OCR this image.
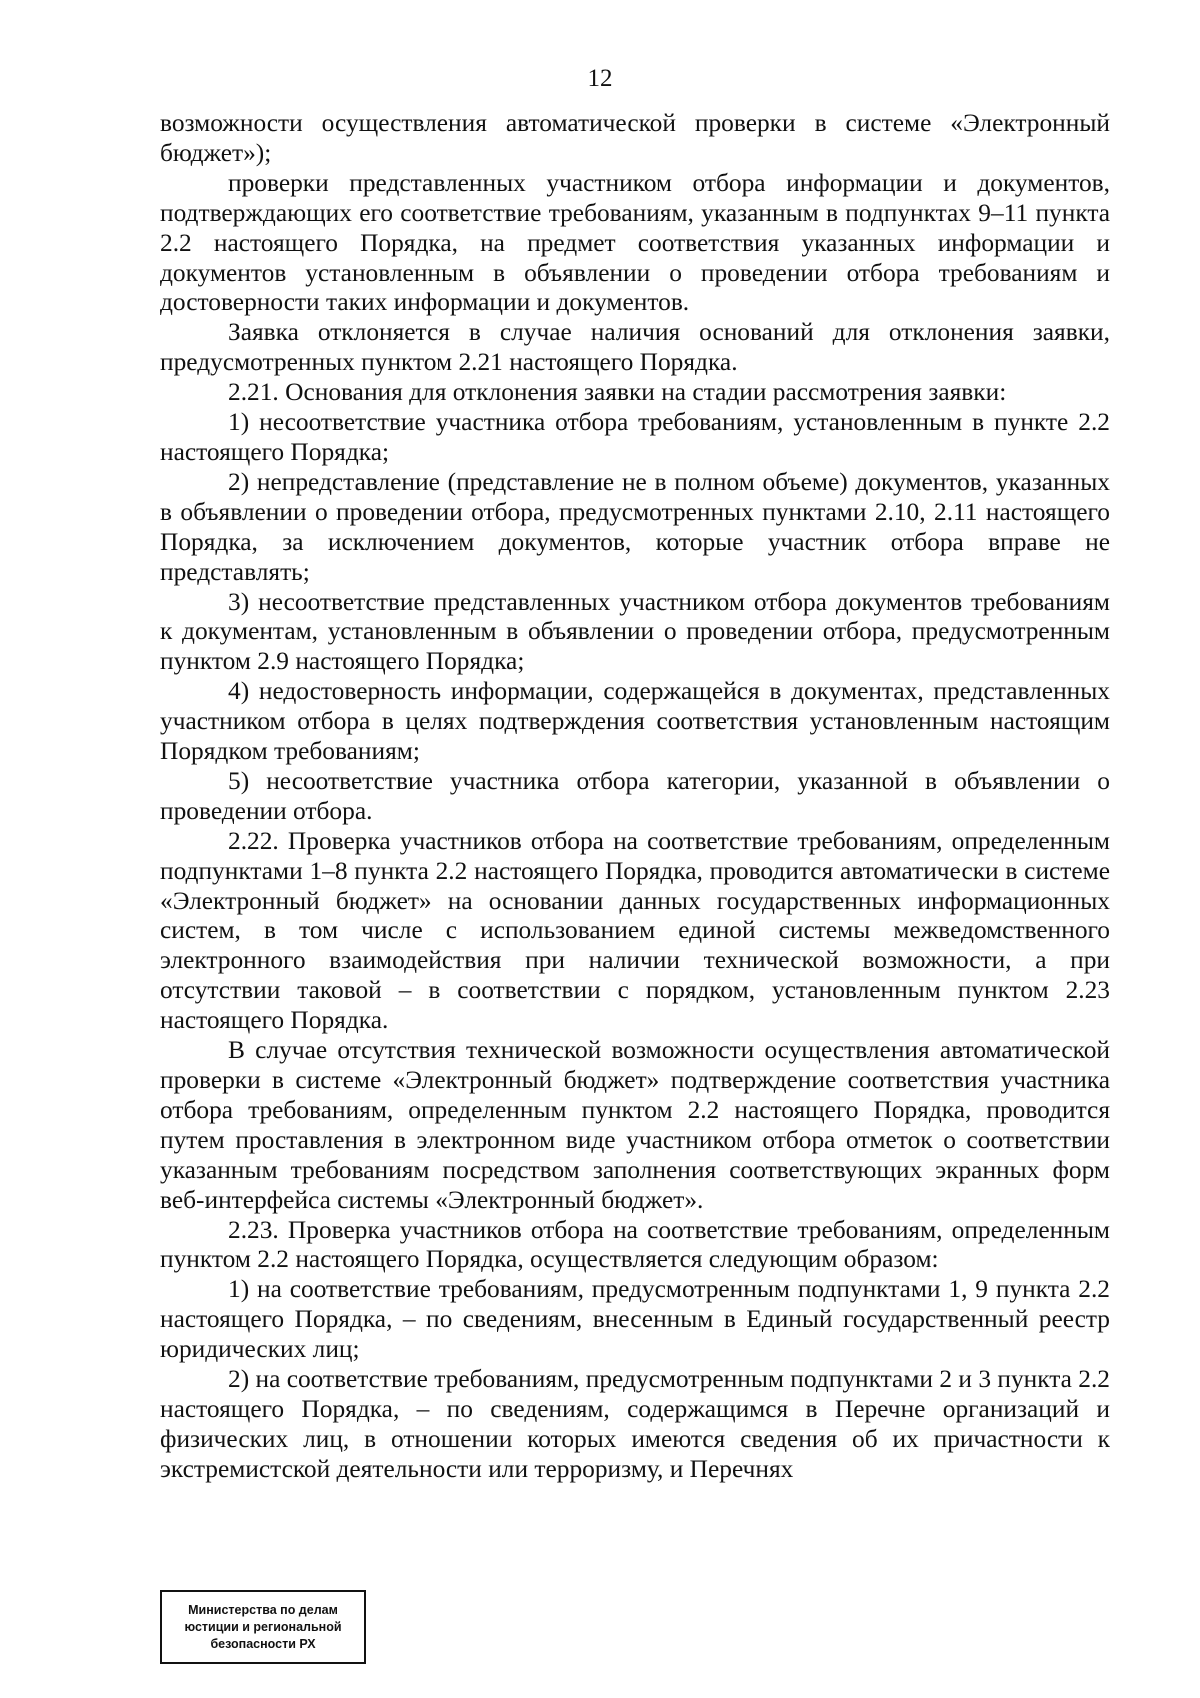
12

возможности осуществления автоматической проверки в системе «Электронный бюджет»);

проверки представленных участником отбора информации и документов, подтверждающих его соответствие требованиям, указанным в подпунктах 9–11 пункта 2.2 настоящего Порядка, на предмет соответствия указанных информации и документов установленным в объявлении о проведении отбора требованиям и достоверности таких информации и документов.

Заявка отклоняется в случае наличия оснований для отклонения заявки, предусмотренных пунктом 2.21 настоящего Порядка.

2.21. Основания для отклонения заявки на стадии рассмотрения заявки:

1) несоответствие участника отбора требованиям, установленным в пункте 2.2 настоящего Порядка;

2) непредставление (представление не в полном объеме) документов, указанных в объявлении о проведении отбора, предусмотренных пунктами 2.10, 2.11 настоящего Порядка, за исключением документов, которые участник отбора вправе не представлять;

3) несоответствие представленных участником отбора документов требованиям к документам, установленным в объявлении о проведении отбора, предусмотренным пунктом 2.9 настоящего Порядка;

4) недостоверность информации, содержащейся в документах, представленных участником отбора в целях подтверждения соответствия установленным настоящим Порядком требованиям;

5) несоответствие участника отбора категории, указанной в объявлении о проведении отбора.

2.22. Проверка участников отбора на соответствие требованиям, определенным подпунктами 1–8 пункта 2.2 настоящего Порядка, проводится автоматически в системе «Электронный бюджет» на основании данных государственных информационных систем, в том числе с использованием единой системы межведомственного электронного взаимодействия при наличии технической возможности, а при отсутствии таковой – в соответствии с порядком, установленным пунктом 2.23 настоящего Порядка.

В случае отсутствия технической возможности осуществления автоматической проверки в системе «Электронный бюджет» подтверждение соответствия участника отбора требованиям, определенным пунктом 2.2 настоящего Порядка, проводится путем проставления в электронном виде участником отбора отметок о соответствии указанным требованиям посредством заполнения соответствующих экранных форм веб-интерфейса системы «Электронный бюджет».

2.23. Проверка участников отбора на соответствие требованиям, определенным пунктом 2.2 настоящего Порядка, осуществляется следующим образом:

1) на соответствие требованиям, предусмотренным подпунктами 1, 9 пункта 2.2 настоящего Порядка, – по сведениям, внесенным в Единый государственный реестр юридических лиц;

2) на соответствие требованиям, предусмотренным подпунктами 2 и 3 пункта 2.2 настоящего Порядка, – по сведениям, содержащимся в Перечне организаций и физических лиц, в отношении которых имеются сведения об их причастности к экстремистской деятельности или терроризму, и Перечнях

Министерства по делам
юстиции и региональной
безопасности РХ
